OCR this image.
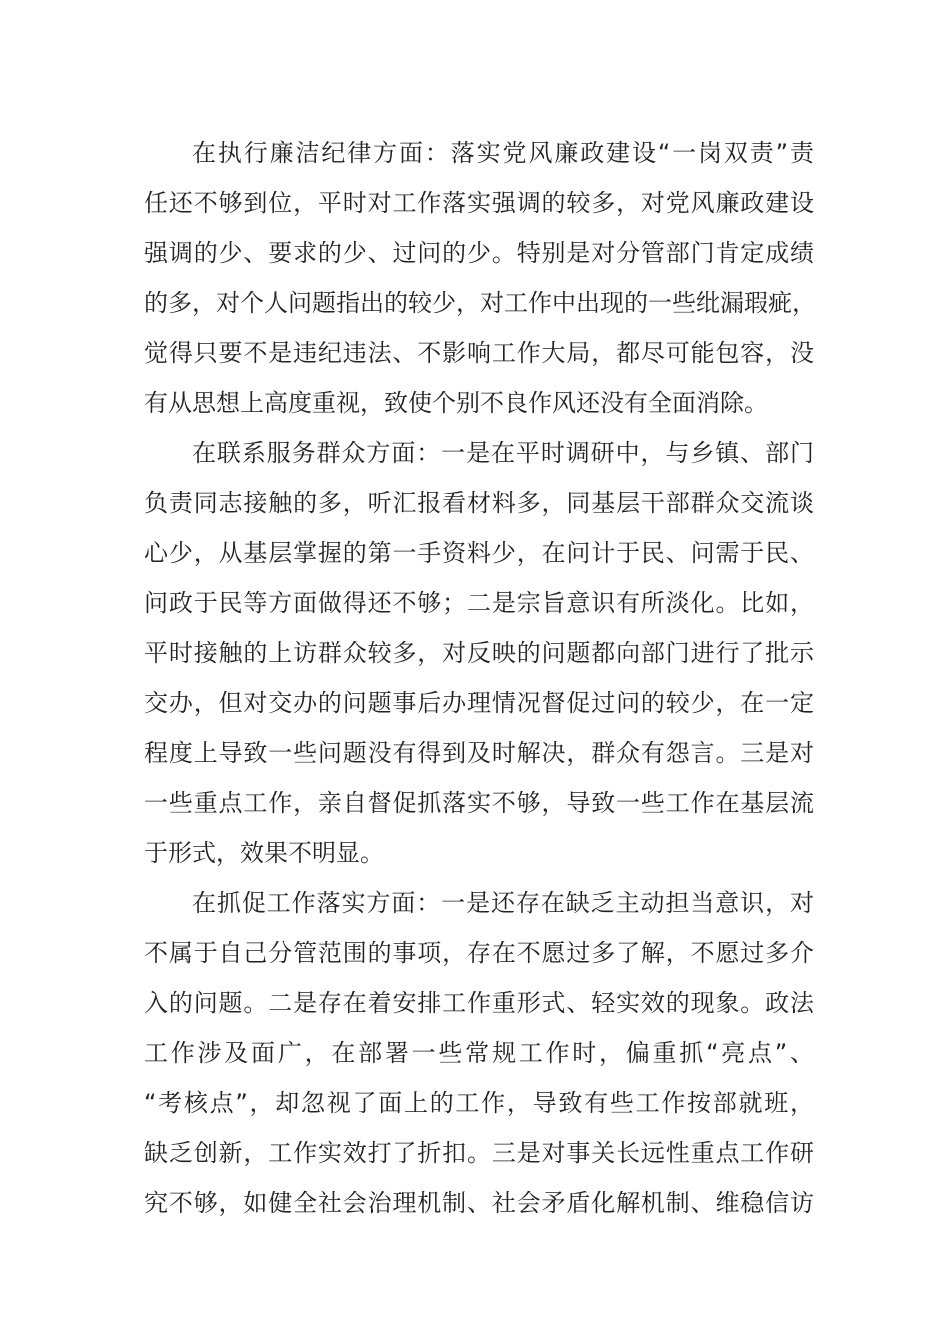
在执行廉洁纪律方面：落实党风廉政建设“一岗双责”责
任还不够到位，平时对工作落实强调的较多，对党风廉政建设
强调的少、要求的少、过问的少。特别是对分管部门肯定成绩
的多，对个人问题指出的较少，对工作中出现的一些纰漏瑕疵，
觉得只要不是违纪违法、不影响工作大局，都尽可能包容，没
有从思想上高度重视，致使个别不良作风还没有全面消除。
在联系服务群众方面：一是在平时调研中，与乡镇、部门
负责同志接触的多，听汇报看材料多，同基层干部群众交流谈
心少，从基层掌握的第一手资料少，在问计于民、问需于民、
问政于民等方面做得还不够；二是宗旨意识有所淡化。比如，
平时接触的上访群众较多，对反映的问题都向部门进行了批示
交办，但对交办的问题事后办理情况督促过问的较少，在一定
程度上导致一些问题没有得到及时解决，群众有怨言。三是对
一些重点工作，亲自督促抓落实不够，导致一些工作在基层流
于形式，效果不明显。
在抓促工作落实方面：一是还存在缺乏主动担当意识，对
不属于自己分管范围的事项，存在不愿过多了解，不愿过多介
入的问题。二是存在着安排工作重形式、轻实效的现象。政法
工作涉及面广，在部署一些常规工作时，偏重抓“亮点”、
“考核点”，却忽视了面上的工作，导致有些工作按部就班，
缺乏创新，工作实效打了折扣。三是对事关长远性重点工作研
究不够，如健全社会治理机制、社会矛盾化解机制、维稳信访
